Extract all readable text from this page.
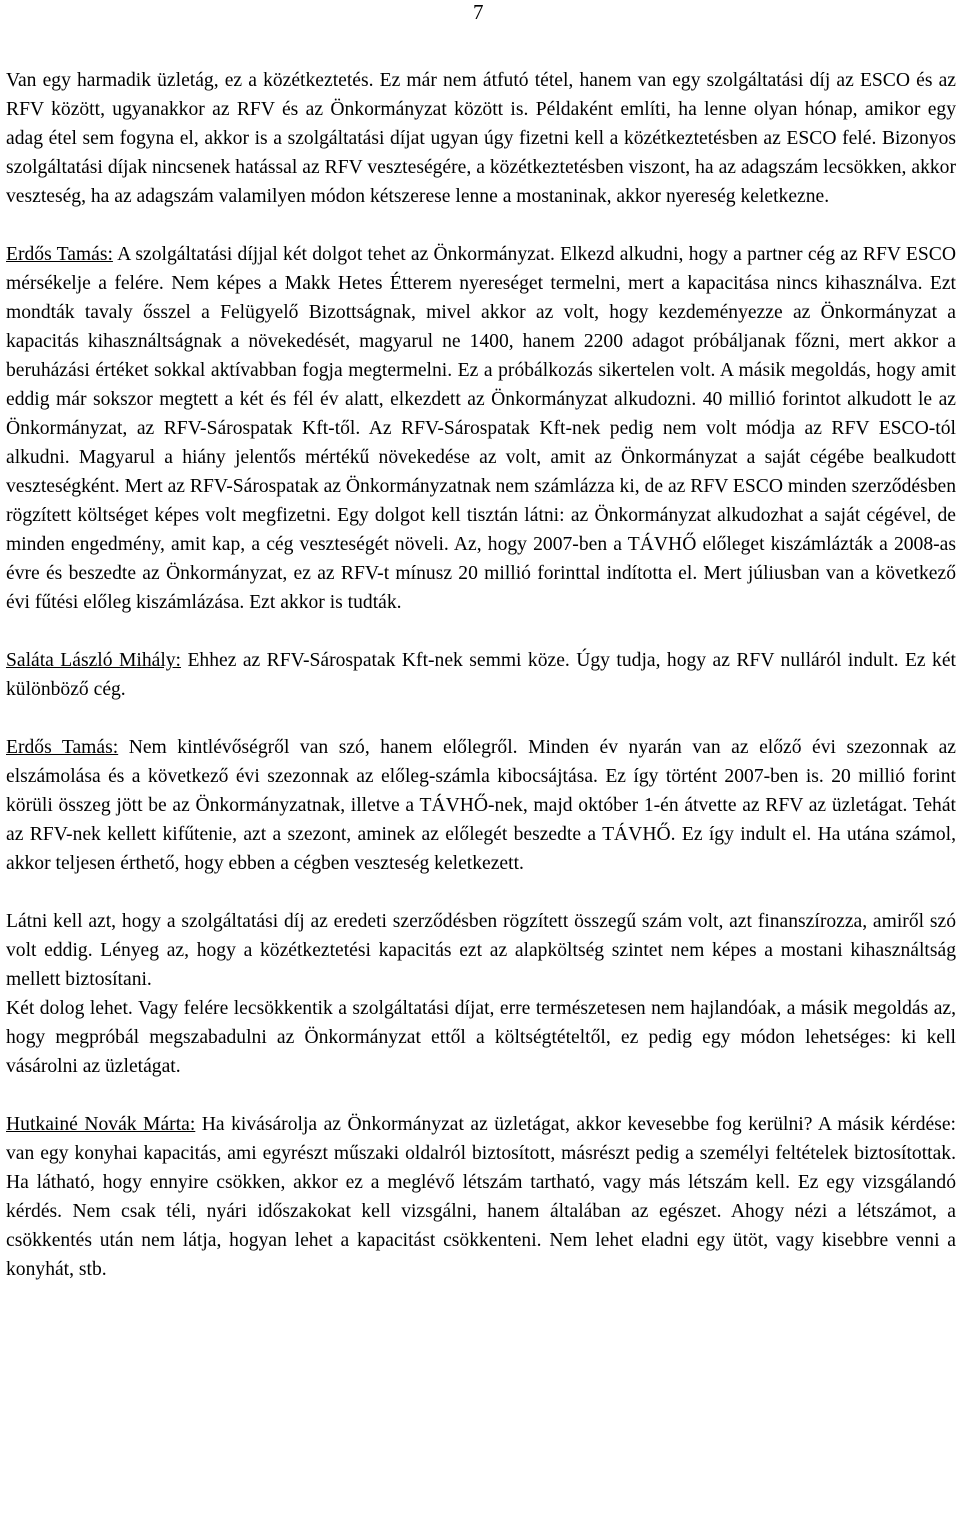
7

Van egy harmadik üzletág, ez a közétkeztetés. Ez már nem átfutó tétel, hanem van egy szolgáltatási díj az ESCO és az RFV között, ugyanakkor az RFV és az Önkormányzat között is. Példaként említi, ha lenne olyan hónap, amikor egy adag étel sem fogyna el, akkor is a szolgáltatási díjat ugyan úgy fizetni kell a közétkeztetésben az ESCO felé. Bizonyos szolgáltatási díjak nincsenek hatással az RFV veszteségére, a közétkeztetésben viszont, ha az adagszám lecsökken, akkor veszteség, ha az adagszám valamilyen módon kétszerese lenne a mostaninak, akkor nyereség keletkezne.

Erdős Tamás: A szolgáltatási díjjal két dolgot tehet az Önkormányzat. Elkezd alkudni, hogy a partner cég az RFV ESCO mérsékelje a felére. Nem képes a Makk Hetes Étterem nyereséget termelni, mert a kapacitása nincs kihasználva. Ezt mondták tavaly ősszel a Felügyelő Bizottságnak, mivel akkor az volt, hogy kezdeményezze az Önkormányzat a kapacitás kihasználtságnak a növekedését, magyarul ne 1400, hanem 2200 adagot próbáljanak főzni, mert akkor a beruházási értéket sokkal aktívabban fogja megtermelni. Ez a próbálkozás sikertelen volt. A másik megoldás, hogy amit eddig már sokszor megtett a két és fél év alatt, elkezdett az Önkormányzat alkudozni. 40 millió forintot alkudott le az Önkormányzat, az RFV-Sárospatak Kft-től. Az RFV-Sárospatak Kft-nek pedig nem volt módja az RFV ESCO-tól alkudni. Magyarul a hiány jelentős mértékű növekedése az volt, amit az Önkormányzat a saját cégébe bealkudott veszteségként. Mert az RFV-Sárospatak az Önkormányzatnak nem számlázza ki, de az RFV ESCO minden szerződésben rögzített költséget képes volt megfizetni. Egy dolgot kell tisztán látni: az Önkormányzat alkudozhat a saját cégével, de minden engedmény, amit kap, a cég veszteségét növeli. Az, hogy 2007-ben a TÁVHŐ előleget kiszámlázták a 2008-as évre és beszedte az Önkormányzat, ez az RFV-t mínusz 20 millió forinttal indította el. Mert júliusban van a következő évi fűtési előleg kiszámlázása. Ezt akkor is tudták.

Saláta László Mihály: Ehhez az RFV-Sárospatak Kft-nek semmi köze. Úgy tudja, hogy az RFV nulláról indult. Ez két különböző cég.

Erdős Tamás: Nem kintlévőségről van szó, hanem előlegről. Minden év nyarán van az előző évi szezonnak az elszámolása és a következő évi szezonnak az előleg-számla kibocsájtása. Ez így történt 2007-ben is. 20 millió forint körüli összeg jött be az Önkormányzatnak, illetve a TÁVHŐ-nek, majd október 1-én átvette az RFV az üzletágat. Tehát az RFV-nek kellett kifűtenie, azt a szezont, aminek az előlegét beszedte a TÁVHŐ. Ez így indult el. Ha utána számol, akkor teljesen érthető, hogy ebben a cégben veszteség keletkezett.

Látni kell azt, hogy a szolgáltatási díj az eredeti szerződésben rögzített összegű szám volt, azt finanszírozza, amiről szó volt eddig. Lényeg az, hogy a közétkeztetési kapacitás ezt az alapköltség szintet nem képes a mostani kihasználtság mellett biztosítani.

Két dolog lehet. Vagy felére lecsökkentik a szolgáltatási díjat, erre természetesen nem hajlandóak, a másik megoldás az, hogy megpróbál megszabadulni az Önkormányzat ettől a költségtételtől, ez pedig egy módon lehetséges: ki kell vásárolni az üzletágat.

Hutkainé Novák Márta: Ha kivásárolja az Önkormányzat az üzletágat, akkor kevesebbe fog kerülni? A másik kérdése: van egy konyhai kapacitás, ami egyrészt műszaki oldalról biztosított, másrészt pedig a személyi feltételek biztosítottak. Ha látható, hogy ennyire csökken, akkor ez a meglévő létszám tartható, vagy más létszám kell. Ez egy vizsgálandó kérdés. Nem csak téli, nyári időszakokat kell vizsgálni, hanem általában az egészet. Ahogy nézi a létszámot, a csökkentés után nem látja, hogyan lehet a kapacitást csökkenteni. Nem lehet eladni egy ütöt, vagy kisebbre venni a konyhát, stb.
